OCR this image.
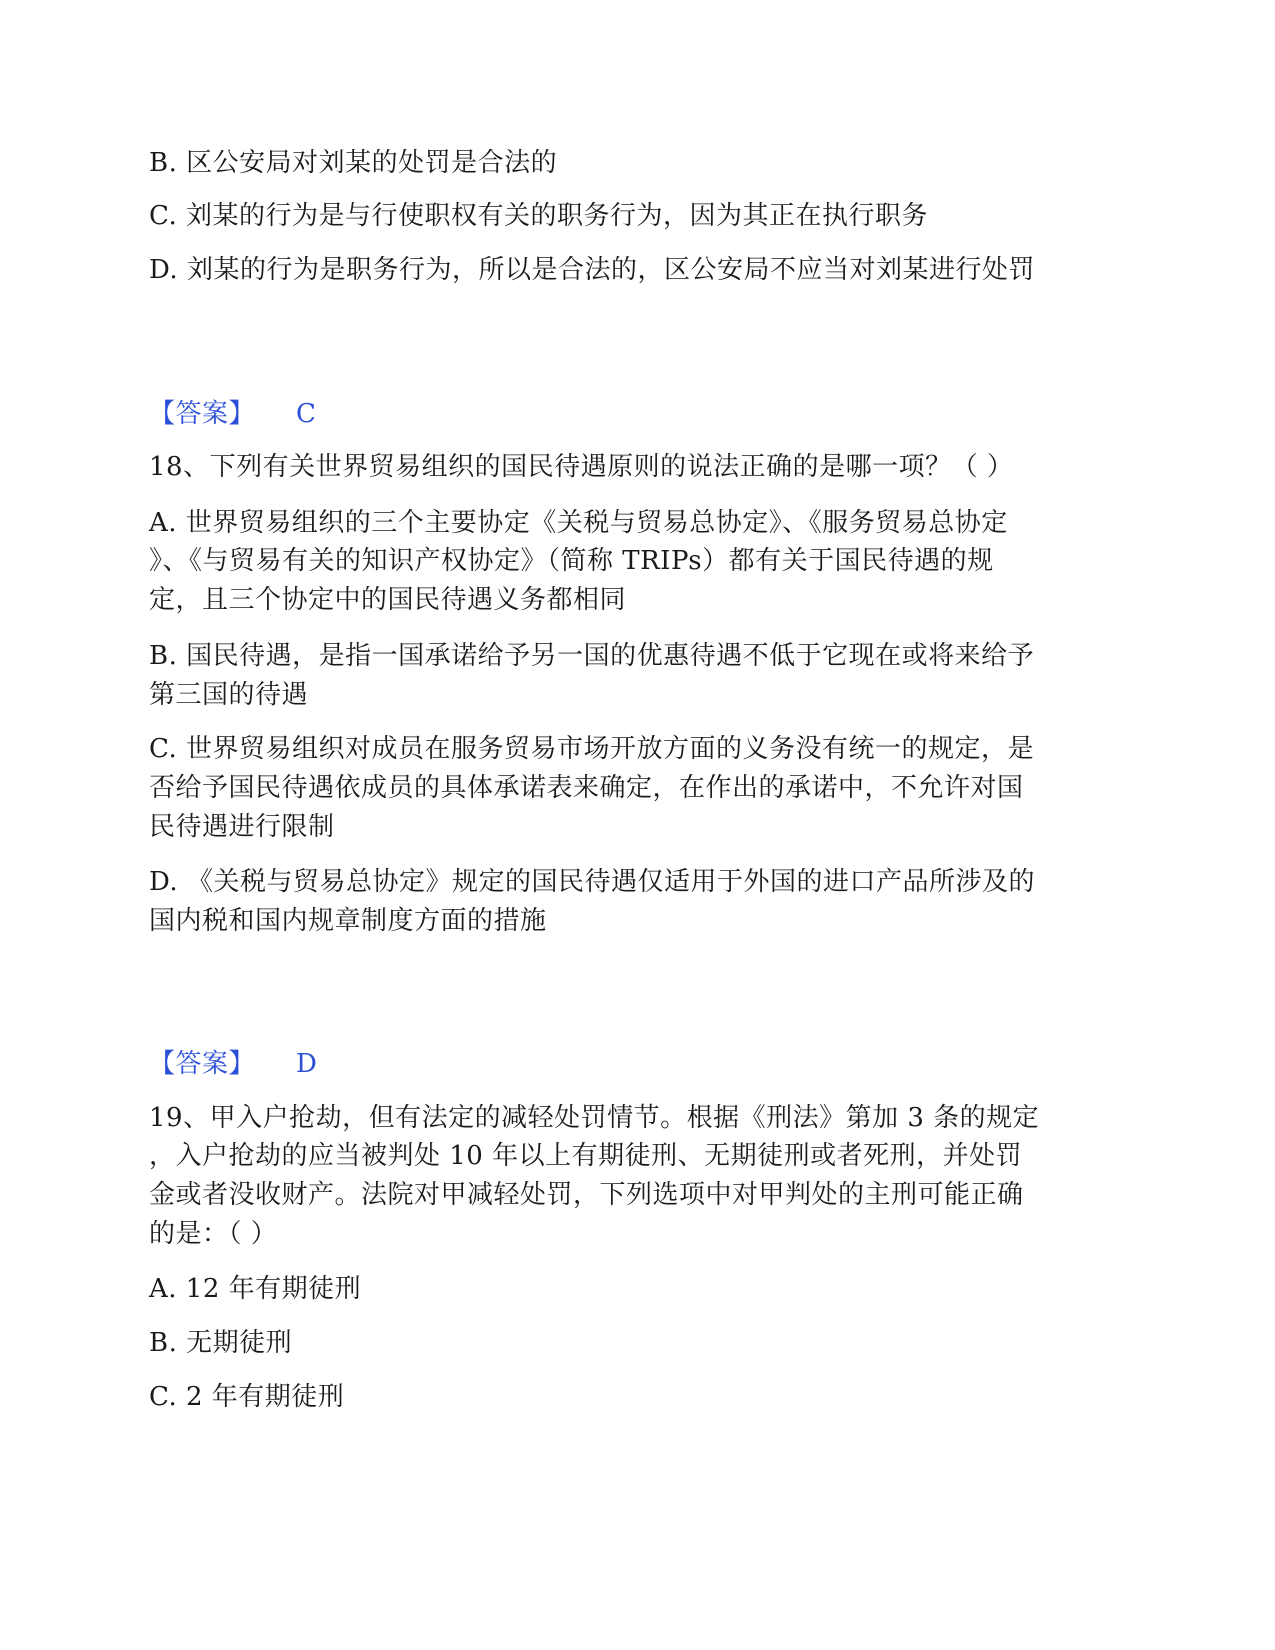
B. 区公安局对刘某的处罚是合法的
C. 刘某的行为是与行使职权有关的职务行为，因为其正在执行职务
D. 刘某的行为是职务行为，所以是合法的，区公安局不应当对刘某进行处罚
【答案】 C
18、下列有关世界贸易组织的国民待遇原则的说法正确的是哪一项？（ ）
A. 世界贸易组织的三个主要协定《关税与贸易总协定》、《服务贸易总协定
》、《与贸易有关的知识产权协定》（简称 TRIPs）都有关于国民待遇的规
定，且三个协定中的国民待遇义务都相同
B. 国民待遇，是指一国承诺给予另一国的优惠待遇不低于它现在或将来给予
第三国的待遇
C. 世界贸易组织对成员在服务贸易市场开放方面的义务没有统一的规定，是
否给予国民待遇依成员的具体承诺表来确定，在作出的承诺中，不允许对国
民待遇进行限制
D. 《关税与贸易总协定》规定的国民待遇仅适用于外国的进口产品所涉及的
国内税和国内规章制度方面的措施
【答案】 D
19、甲入户抢劫，但有法定的减轻处罚情节。根据《刑法》第加 3 条的规定
，入户抢劫的应当被判处 10 年以上有期徒刑、无期徒刑或者死刑，并处罚
金或者没收财产。法院对甲减轻处罚，下列选项中对甲判处的主刑可能正确
的是：（ ）
A. 12 年有期徒刑
B. 无期徒刑
C. 2 年有期徒刑
